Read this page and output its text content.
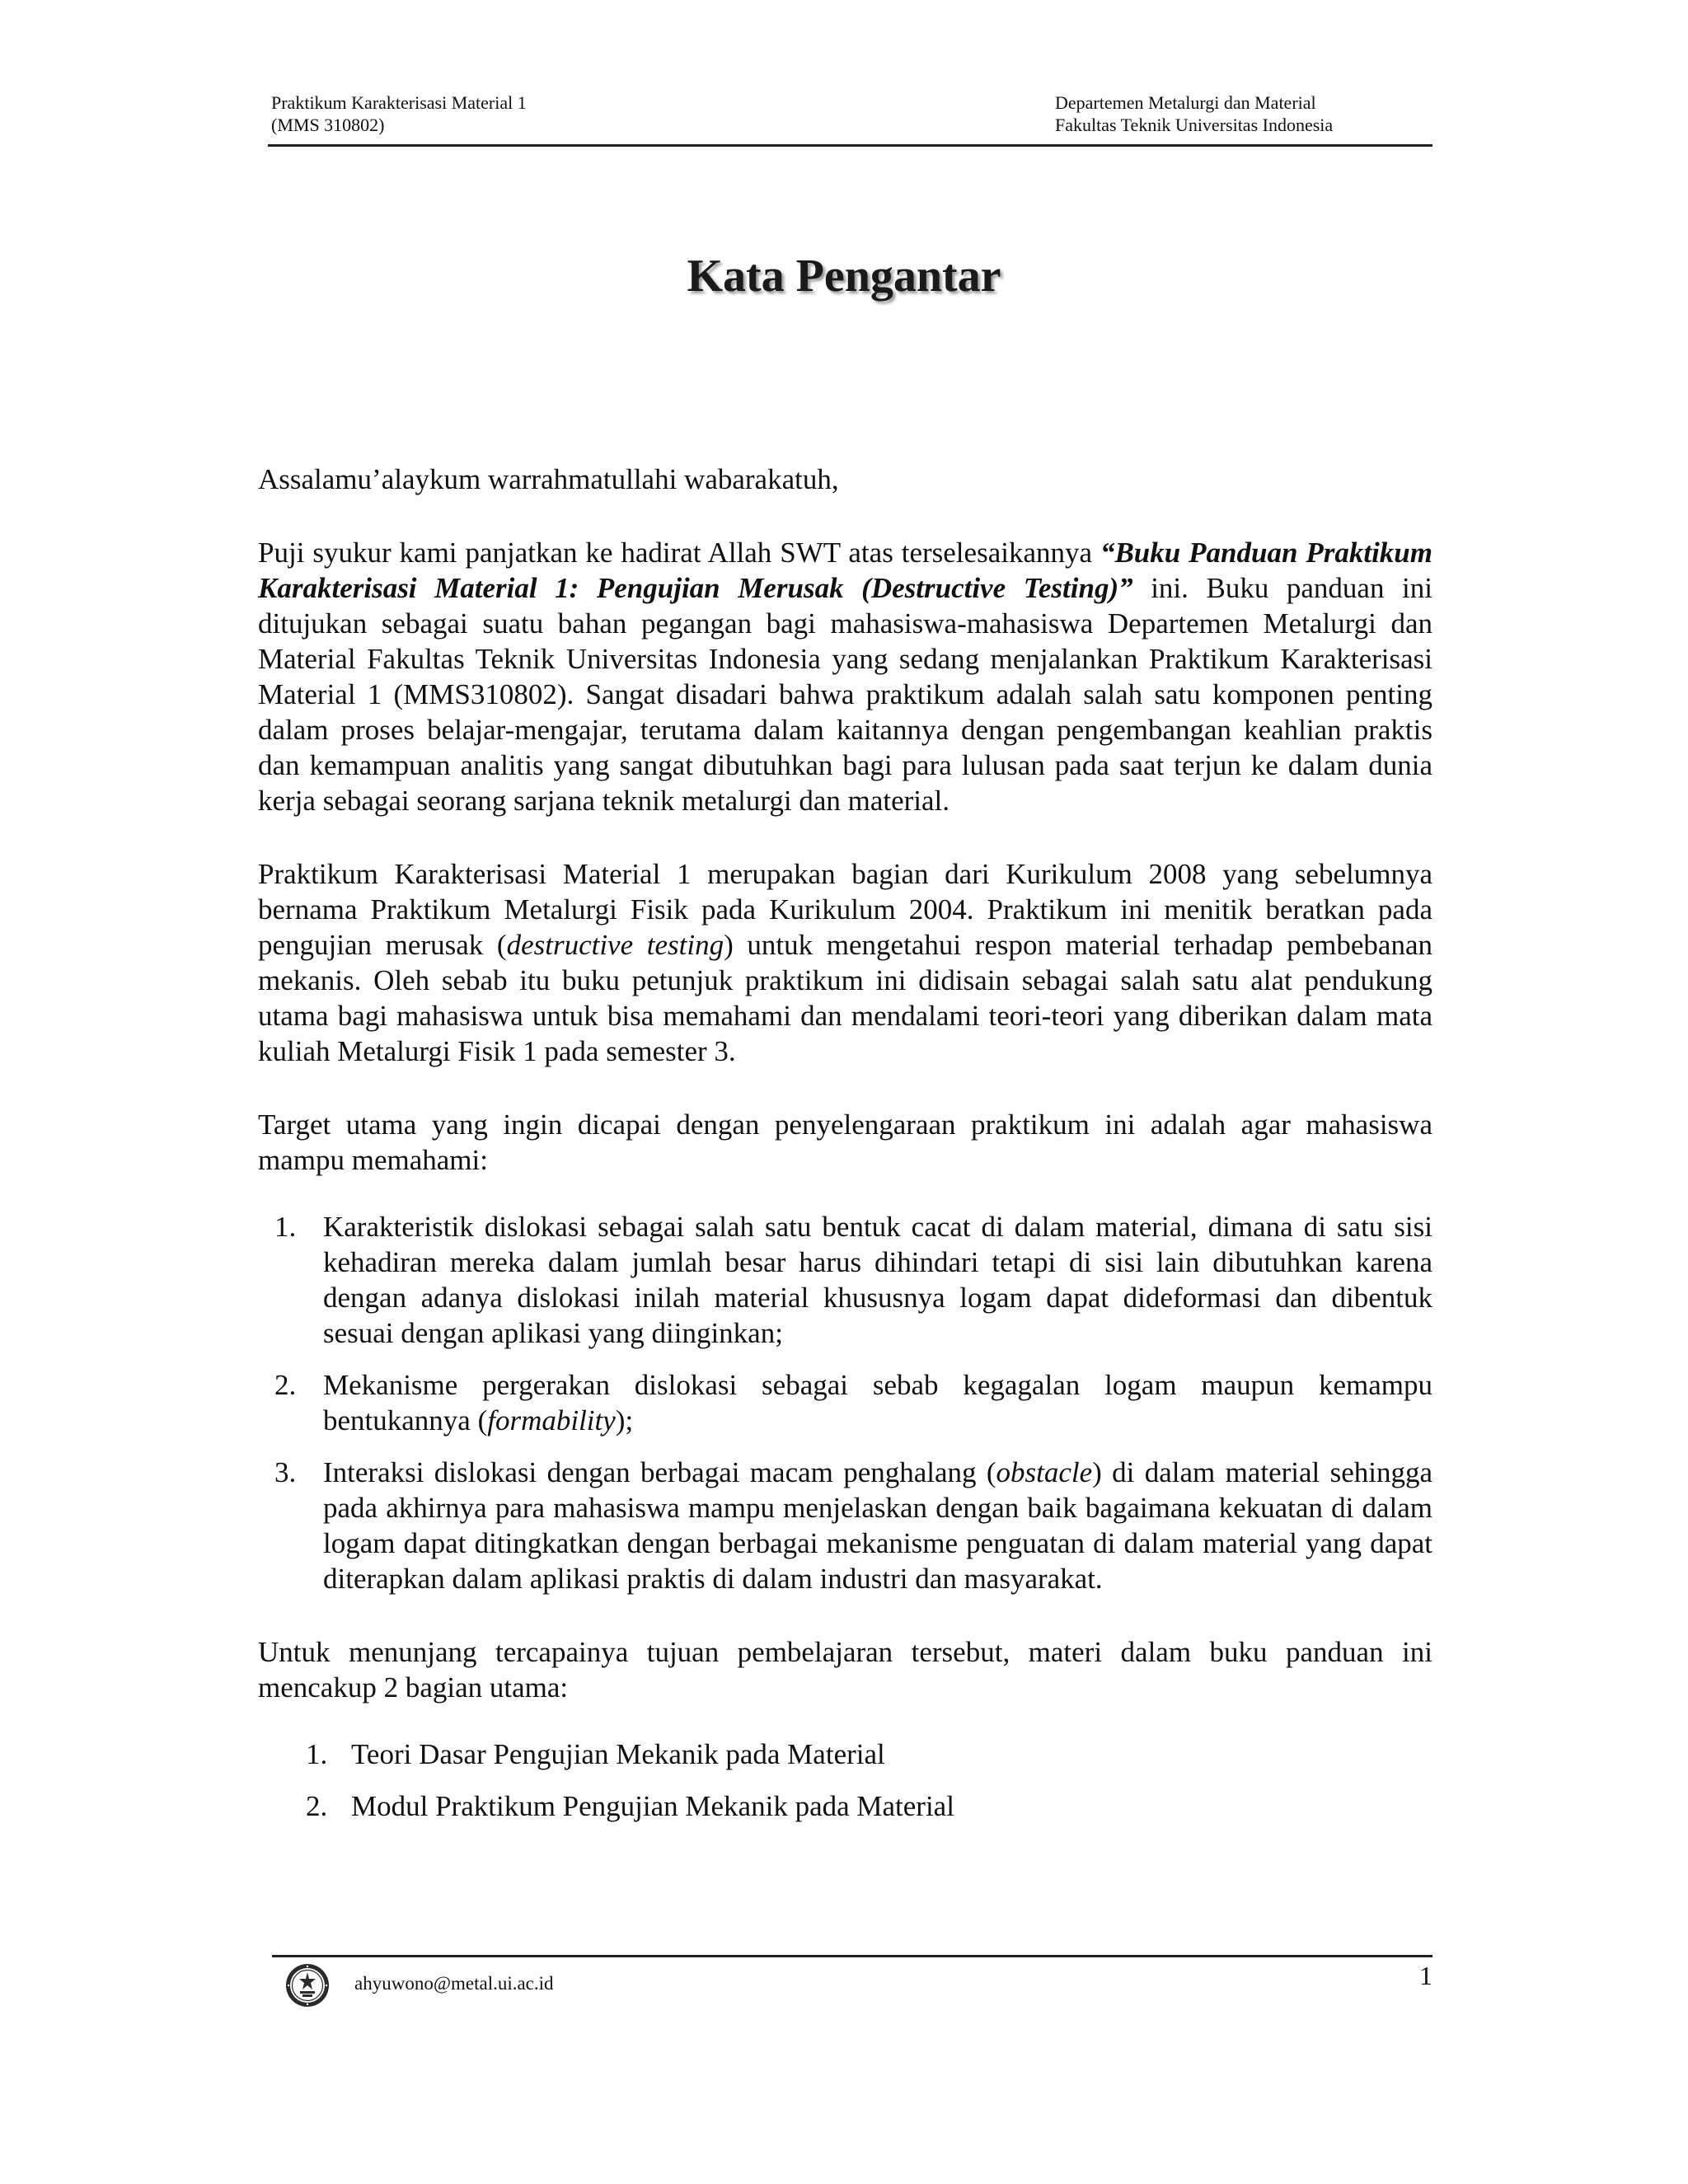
Praktikum Karakterisasi Material 1
(MMS 310802)
Departemen Metalurgi dan Material
Fakultas Teknik Universitas Indonesia
Kata Pengantar

Assalamu’alaykum warrahmatullahi wabarakatuh,

Puji syukur kami panjatkan ke hadirat Allah SWT atas terselesaikannya “Buku Panduan Praktikum Karakterisasi Material 1: Pengujian Merusak (Destructive Testing)” ini. Buku panduan ini ditujukan sebagai suatu bahan pegangan bagi mahasiswa-mahasiswa Departemen Metalurgi dan Material Fakultas Teknik Universitas Indonesia yang sedang menjalankan Praktikum Karakterisasi Material 1 (MMS310802). Sangat disadari bahwa praktikum adalah salah satu komponen penting dalam proses belajar-mengajar, terutama dalam kaitannya dengan pengembangan keahlian praktis dan kemampuan analitis yang sangat dibutuhkan bagi para lulusan pada saat terjun ke dalam dunia kerja sebagai seorang sarjana teknik metalurgi dan material.

Praktikum Karakterisasi Material 1 merupakan bagian dari Kurikulum 2008 yang sebelumnya bernama Praktikum Metalurgi Fisik pada Kurikulum 2004. Praktikum ini menitik beratkan pada pengujian merusak (destructive testing) untuk mengetahui respon material terhadap pembebanan mekanis. Oleh sebab itu buku petunjuk praktikum ini didisain sebagai salah satu alat pendukung utama bagi mahasiswa untuk bisa memahami dan mendalami teori-teori yang diberikan dalam mata kuliah Metalurgi Fisik 1 pada semester 3.

Target utama yang ingin dicapai dengan penyelengaraan praktikum ini adalah agar mahasiswa mampu memahami:

1. Karakteristik dislokasi sebagai salah satu bentuk cacat di dalam material, dimana di satu sisi kehadiran mereka dalam jumlah besar harus dihindari tetapi di sisi lain dibutuhkan karena dengan adanya dislokasi inilah material khususnya logam dapat dideformasi dan dibentuk sesuai dengan aplikasi yang diinginkan;
2. Mekanisme pergerakan dislokasi sebagai sebab kegagalan logam maupun kemampu bentukannya (formability);
3. Interaksi dislokasi dengan berbagai macam penghalang (obstacle) di dalam material sehingga pada akhirnya para mahasiswa mampu menjelaskan dengan baik bagaimana kekuatan di dalam logam dapat ditingkatkan dengan berbagai mekanisme penguatan di dalam material yang dapat diterapkan dalam aplikasi praktis di dalam industri dan masyarakat.

Untuk menunjang tercapainya tujuan pembelajaran tersebut, materi dalam buku panduan ini mencakup 2 bagian utama:

1. Teori Dasar Pengujian Mekanik pada Material
2. Modul Praktikum Pengujian Mekanik pada Material
ahyuwono@metal.ui.ac.id	1
